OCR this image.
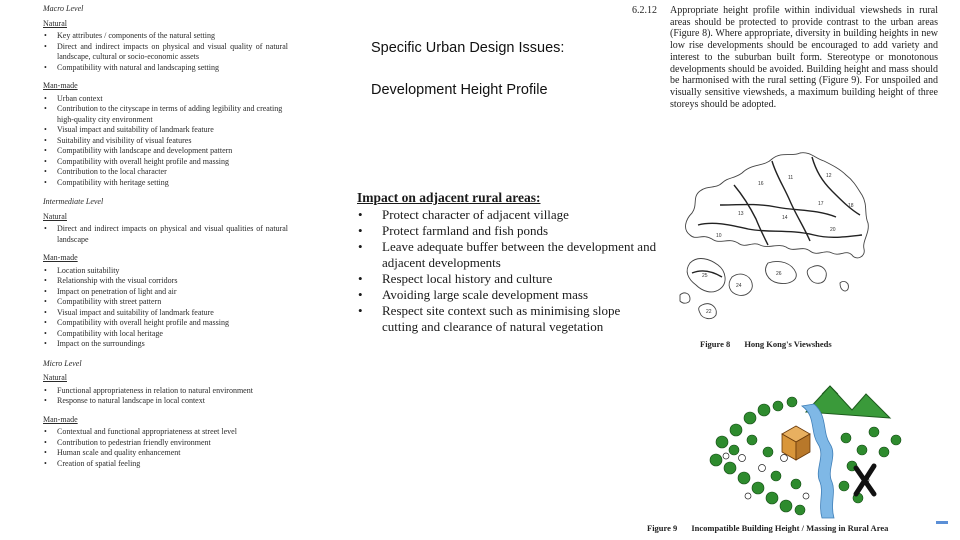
Macro Level
Natural
• Key attributes / components of the natural setting
• Direct and indirect impacts on physical and visual quality of natural landscape, cultural or socio-economic assets
• Compatibility with natural and landscaping setting
Man-made
• Urban context
• Contribution to the cityscape in terms of adding legibility and creating high-quality city environment
• Visual impact and suitability of landmark feature
• Suitability and visibility of visual features
• Compatibility with landscape and development pattern
• Compatibility with overall height profile and massing
• Contribution to the local character
• Compatibility with heritage setting
Intermediate Level
Natural
• Direct and indirect impacts on physical and visual qualities of natural landscape
Man-made
• Location suitability
• Relationship with the visual corridors
• Impact on penetration of light and air
• Compatibility with street pattern
• Visual impact and suitability of landmark feature
• Compatibility with overall height profile and massing
• Compatibility with local heritage
• Impact on the surroundings
Micro Level
Natural
• Functional appropriateness in relation to natural environment
• Response to natural landscape in local context
Man-made
• Contextual and functional appropriateness at street level
• Contribution to pedestrian friendly environment
• Human scale and quality enhancement
• Creation of spatial feeling
Specific Urban Design Issues:
Development Height Profile
Impact on adjacent rural areas:
• Protect character of adjacent village
• Protect farmland and fish ponds
• Leave adequate buffer between the development and adjacent developments
• Respect local history and culture
• Avoiding large scale development mass
• Respect site context such as minimising slope cutting and clearance of natural vegetation
6.2.12 Appropriate height profile within individual viewsheds in rural areas should be protected to provide contrast to the urban areas (Figure 8). Where appropriate, diversity in building heights in new low rise developments should be encouraged to add variety and interest to the suburban built form. Stereotype or monotonous developments should be avoided. Building height and mass should be harmonised with the rural setting (Figure 9). For unspoiled and visually sensitive viewsheds, a maximum building height of three storeys should be adopted.
16
11	12
13
14
17	18
20
10
25	26
24
22
Figure 8 Hong Kong's Viewsheds
Figure 9 Incompatible Building Height / Massing in Rural Area
